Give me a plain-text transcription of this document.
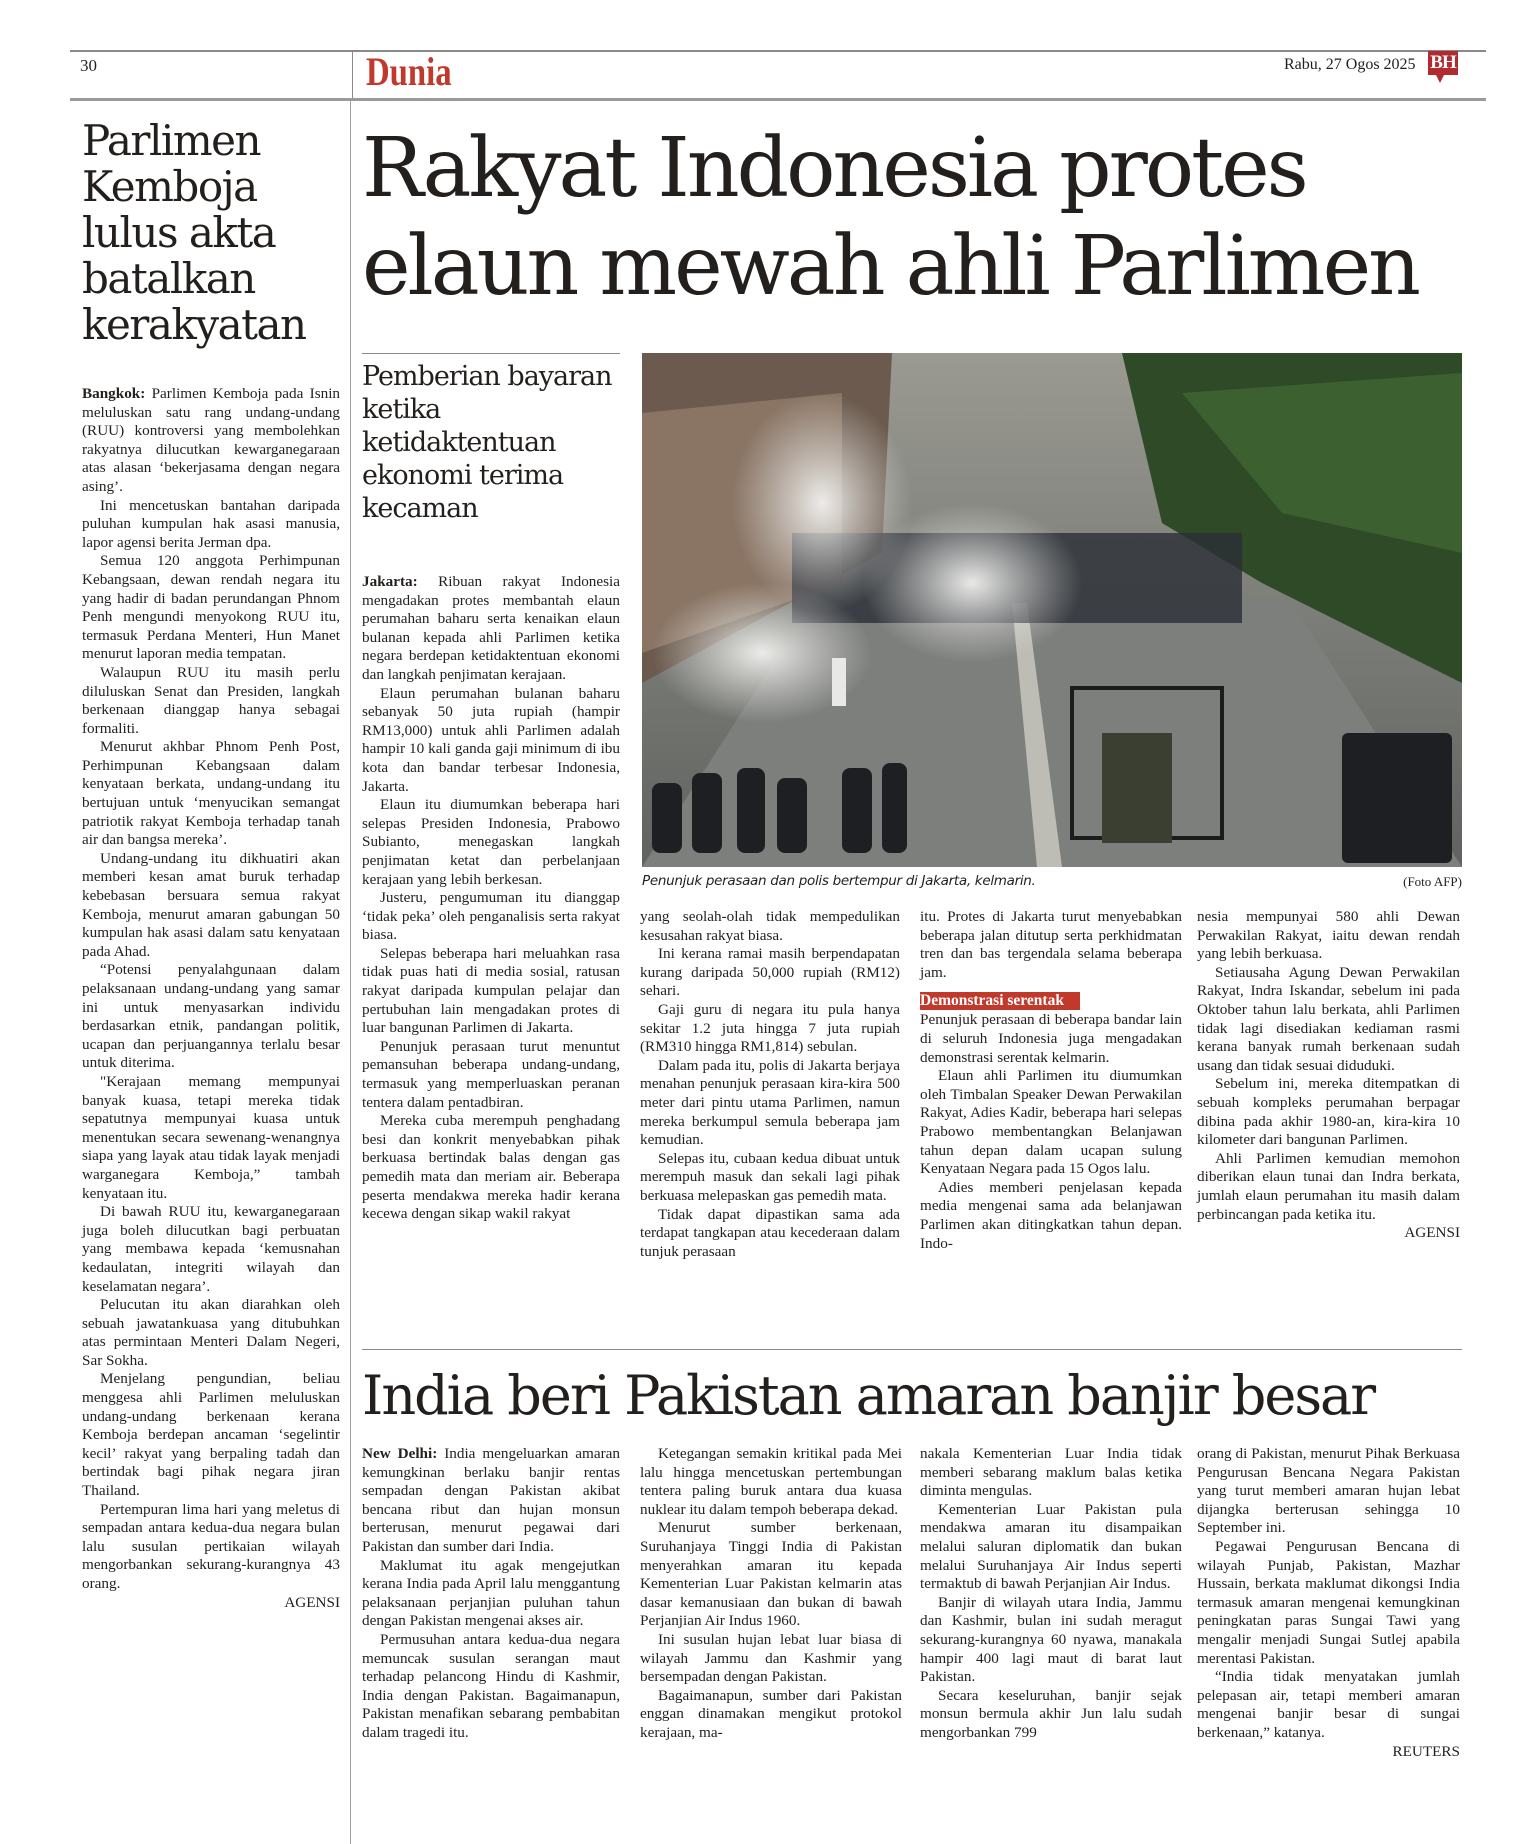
30	Dunia	Rabu, 27 Ogos 2025 BH
Parlimen Kemboja lulus akta batalkan kerakyatan

Bangkok: Parlimen Kemboja pada Isnin meluluskan satu rang undang-undang (RUU) kontroversi yang membolehkan rakyatnya dilucutkan kewarganegaraan atas alasan ‘bekerjasama dengan negara asing’.

Ini mencetuskan bantahan daripada puluhan kumpulan hak asasi manusia, lapor agensi berita Jerman dpa.

Semua 120 anggota Perhimpunan Kebangsaan, dewan rendah negara itu yang hadir di badan perundangan Phnom Penh mengundi menyokong RUU itu, termasuk Perdana Menteri, Hun Manet menurut laporan media tempatan.

Walaupun RUU itu masih perlu diluluskan Senat dan Presiden, langkah berkenaan dianggap hanya sebagai formaliti.

Menurut akhbar Phnom Penh Post, Perhimpunan Kebangsaan dalam kenyataan berkata, undang-undang itu bertujuan untuk ‘menyucikan semangat patriotik rakyat Kemboja terhadap tanah air dan bangsa mereka’.

Undang-undang itu dikhuatiri akan memberi kesan amat buruk terhadap kebebasan bersuara semua rakyat Kemboja, menurut amaran gabungan 50 kumpulan hak asasi dalam satu kenyataan pada Ahad.

“Potensi penyalahgunaan dalam pelaksanaan undang-undang yang samar ini untuk menyasarkan individu berdasarkan etnik, pandangan politik, ucapan dan perjuangannya terlalu besar untuk diterima.

"Kerajaan memang mempunyai banyak kuasa, tetapi mereka tidak sepatutnya mempunyai kuasa untuk menentukan secara sewenang-wenangnya siapa yang layak atau tidak layak menjadi warganegara Kemboja,” tambah kenyataan itu.

Di bawah RUU itu, kewarganegaraan juga boleh dilucutkan bagi perbuatan yang membawa kepada ‘kemusnahan kedaulatan, integriti wilayah dan keselamatan negara’.

Pelucutan itu akan diarahkan oleh sebuah jawatankuasa yang ditubuhkan atas permintaan Menteri Dalam Negeri, Sar Sokha.

Menjelang pengundian, beliau menggesa ahli Parlimen meluluskan undang-undang berkenaan kerana Kemboja berdepan ancaman ‘segelintir kecil’ rakyat yang berpaling tadah dan bertindak bagi pihak negara jiran Thailand.

Pertempuran lima hari yang meletus di sempadan antara kedua-dua negara bulan lalu susulan pertikaian wilayah mengorbankan sekurang-kurangnya 43 orang.

AGENSI
Rakyat Indonesia protes elaun mewah ahli Parlimen
Pemberian bayaran ketika ketidaktentuan ekonomi terima kecaman
Penunjuk perasaan dan polis bertempur di Jakarta, kelmarin.	(Foto AFP)

Jakarta: Ribuan rakyat Indonesia mengadakan protes membantah elaun perumahan baharu serta kenaikan elaun bulanan kepada ahli Parlimen ketika negara berdepan ketidaktentuan ekonomi dan langkah penjimatan kerajaan.

Elaun perumahan bulanan baharu sebanyak 50 juta rupiah (hampir RM13,000) untuk ahli Parlimen adalah hampir 10 kali ganda gaji minimum di ibu kota dan bandar terbesar Indonesia, Jakarta.

Elaun itu diumumkan beberapa hari selepas Presiden Indonesia, Prabowo Subianto, menegaskan langkah penjimatan ketat dan perbelanjaan kerajaan yang lebih berkesan.

Justeru, pengumuman itu dianggap ‘tidak peka’ oleh penganalisis serta rakyat biasa.

Selepas beberapa hari meluahkan rasa tidak puas hati di media sosial, ratusan rakyat daripada kumpulan pelajar dan pertubuhan lain mengadakan protes di luar bangunan Parlimen di Jakarta.

Penunjuk perasaan turut menuntut pemansuhan beberapa undang-undang, termasuk yang memperluaskan peranan tentera dalam pentadbiran.

Mereka cuba merempuh penghadang besi dan konkrit menyebabkan pihak berkuasa bertindak balas dengan gas pemedih mata dan meriam air. Beberapa peserta mendakwa mereka hadir kerana kecewa dengan sikap wakil rakyat

yang seolah-olah tidak mempedulikan kesusahan rakyat biasa.

Ini kerana ramai masih berpendapatan kurang daripada 50,000 rupiah (RM12) sehari.

Gaji guru di negara itu pula hanya sekitar 1.2 juta hingga 7 juta rupiah (RM310 hingga RM1,814) sebulan.

Dalam pada itu, polis di Jakarta berjaya menahan penunjuk perasaan kira-kira 500 meter dari pintu utama Parlimen, namun mereka berkumpul semula beberapa jam kemudian.

Selepas itu, cubaan kedua dibuat untuk merempuh masuk dan sekali lagi pihak berkuasa melepaskan gas pemedih mata.

Tidak dapat dipastikan sama ada terdapat tangkapan atau kecederaan dalam tunjuk perasaan

itu. Protes di Jakarta turut menyebabkan beberapa jalan ditutup serta perkhidmatan tren dan bas tergendala selama beberapa jam.

Demonstrasi serentak

Penunjuk perasaan di beberapa bandar lain di seluruh Indonesia juga mengadakan demonstrasi serentak kelmarin.

Elaun ahli Parlimen itu diumumkan oleh Timbalan Speaker Dewan Perwakilan Rakyat, Adies Kadir, beberapa hari selepas Prabowo membentangkan Belanjawan tahun depan dalam ucapan sulung Kenyataan Negara pada 15 Ogos lalu.

Adies memberi penjelasan kepada media mengenai sama ada belanjawan Parlimen akan ditingkatkan tahun depan. Indo-

nesia mempunyai 580 ahli Dewan Perwakilan Rakyat, iaitu dewan rendah yang lebih berkuasa.

Setiausaha Agung Dewan Perwakilan Rakyat, Indra Iskandar, sebelum ini pada Oktober tahun lalu berkata, ahli Parlimen tidak lagi disediakan kediaman rasmi kerana banyak rumah berkenaan sudah usang dan tidak sesuai diduduki.

Sebelum ini, mereka ditempatkan di sebuah kompleks perumahan berpagar dibina pada akhir 1980-an, kira-kira 10 kilometer dari bangunan Parlimen.

Ahli Parlimen kemudian memohon diberikan elaun tunai dan Indra berkata, jumlah elaun perumahan itu masih dalam perbincangan pada ketika itu.

AGENSI
India beri Pakistan amaran banjir besar

New Delhi: India mengeluarkan amaran kemungkinan berlaku banjir rentas sempadan dengan Pakistan akibat bencana ribut dan hujan monsun berterusan, menurut pegawai dari Pakistan dan sumber dari India.

Maklumat itu agak mengejutkan kerana India pada April lalu menggantung pelaksanaan perjanjian puluhan tahun dengan Pakistan mengenai akses air.

Permusuhan antara kedua-dua negara memuncak susulan serangan maut terhadap pelancong Hindu di Kashmir, India dengan Pakistan. Bagaimanapun, Pakistan menafikan sebarang pembabitan dalam tragedi itu.

Ketegangan semakin kritikal pada Mei lalu hingga mencetuskan pertembungan tentera paling buruk antara dua kuasa nuklear itu dalam tempoh beberapa dekad.

Menurut sumber berkenaan, Suruhanjaya Tinggi India di Pakistan menyerahkan amaran itu kepada Kementerian Luar Pakistan kelmarin atas dasar kemanusiaan dan bukan di bawah Perjanjian Air Indus 1960.

Ini susulan hujan lebat luar biasa di wilayah Jammu dan Kashmir yang bersempadan dengan Pakistan.

Bagaimanapun, sumber dari Pakistan enggan dinamakan mengikut protokol kerajaan, ma-

nakala Kementerian Luar India tidak memberi sebarang maklum balas ketika diminta mengulas.

Kementerian Luar Pakistan pula mendakwa amaran itu disampaikan melalui saluran diplomatik dan bukan melalui Suruhanjaya Air Indus seperti termaktub di bawah Perjanjian Air Indus.

Banjir di wilayah utara India, Jammu dan Kashmir, bulan ini sudah meragut sekurang-kurangnya 60 nyawa, manakala hampir 400 lagi maut di barat laut Pakistan.

Secara keseluruhan, banjir sejak monsun bermula akhir Jun lalu sudah mengorbankan 799

orang di Pakistan, menurut Pihak Berkuasa Pengurusan Bencana Negara Pakistan yang turut memberi amaran hujan lebat dijangka berterusan sehingga 10 September ini.

Pegawai Pengurusan Bencana di wilayah Punjab, Pakistan, Mazhar Hussain, berkata maklumat dikongsi India termasuk amaran mengenai kemungkinan peningkatan paras Sungai Tawi yang mengalir menjadi Sungai Sutlej apabila merentasi Pakistan.

“India tidak menyatakan jumlah pelepasan air, tetapi memberi amaran mengenai banjir besar di sungai berkenaan,” katanya.

REUTERS
